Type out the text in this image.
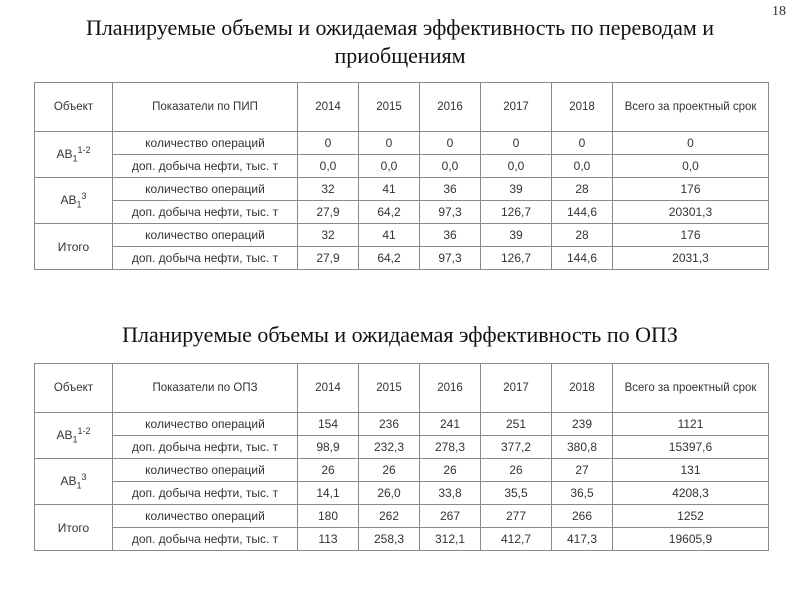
18
Планируемые объемы и ожидаемая эффективность по переводам и приобщениям
Объект	Показатели по ПИП	2014	2015	2016	2017	2018	Всего за проектный срок
$АВ_1^{1-2}$	количество операций	0	0	0	0	0	0
	доп. добыча нефти, тыс. т	0,0	0,0	0,0	0,0	0,0	0,0
$АВ_1^3$	количество операций	32	41	36	39	28	176
	доп. добыча нефти, тыс. т	27,9	64,2	97,3	126,7	144,6	20301,3
Итого	количество операций	32	41	36	39	28	176
	доп. добыча нефти, тыс. т	27,9	64,2	97,3	126,7	144,6	2031,3
Планируемые объемы и ожидаемая эффективность по ОПЗ
Объект	Показатели по ОПЗ	2014	2015	2016	2017	2018	Всего за проектный срок
$АВ_1^{1-2}$	количество операций	154	236	241	251	239	1121
	доп. добыча нефти, тыс. т	98,9	232,3	278,3	377,2	380,8	15397,6
$АВ_1^3$	количество операций	26	26	26	26	27	131
	доп. добыча нефти, тыс. т	14,1	26,0	33,8	35,5	36,5	4208,3
Итого	количество операций	180	262	267	277	266	1252
	доп. добыча нефти, тыс. т	113	258,3	312,1	412,7	417,3	19605,9
